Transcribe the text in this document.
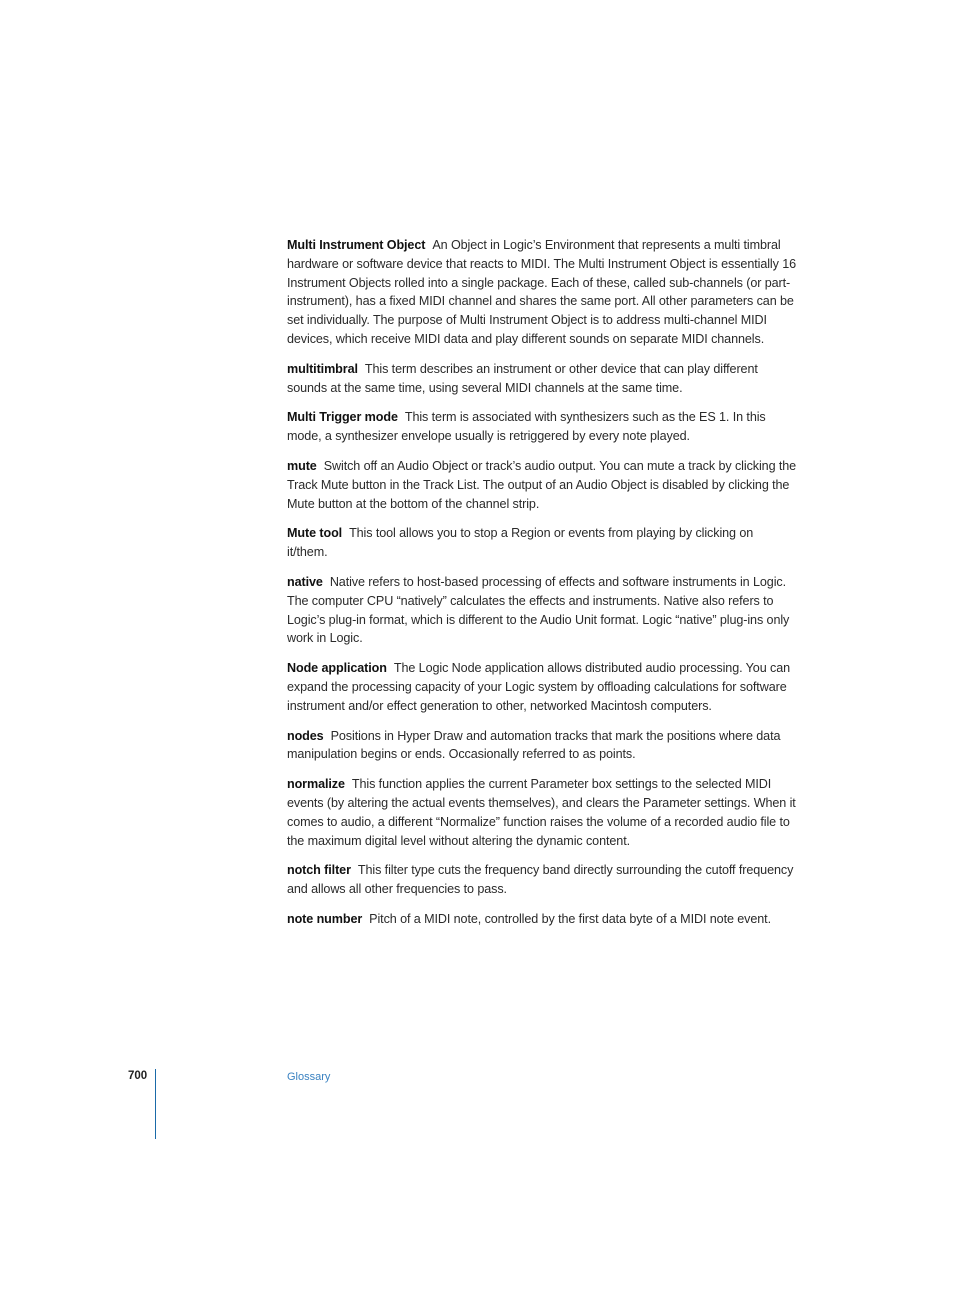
Multi Instrument Object An Object in Logic’s Environment that represents a multi timbral hardware or software device that reacts to MIDI. The Multi Instrument Object is essentially 16 Instrument Objects rolled into a single package. Each of these, called sub-channels (or part-instrument), has a fixed MIDI channel and shares the same port. All other parameters can be set individually. The purpose of Multi Instrument Object is to address multi-channel MIDI devices, which receive MIDI data and play different sounds on separate MIDI channels.

multitimbral This term describes an instrument or other device that can play different sounds at the same time, using several MIDI channels at the same time.

Multi Trigger mode This term is associated with synthesizers such as the ES 1. In this mode, a synthesizer envelope usually is retriggered by every note played.

mute Switch off an Audio Object or track’s audio output. You can mute a track by clicking the Track Mute button in the Track List. The output of an Audio Object is disabled by clicking the Mute button at the bottom of the channel strip.

Mute tool This tool allows you to stop a Region or events from playing by clicking on it/them.

native Native refers to host-based processing of effects and software instruments in Logic. The computer CPU “natively” calculates the effects and instruments. Native also refers to Logic’s plug-in format, which is different to the Audio Unit format. Logic “native” plug-ins only work in Logic.

Node application The Logic Node application allows distributed audio processing. You can expand the processing capacity of your Logic system by offloading calculations for software instrument and/or effect generation to other, networked Macintosh computers.

nodes Positions in Hyper Draw and automation tracks that mark the positions where data manipulation begins or ends. Occasionally referred to as points.

normalize This function applies the current Parameter box settings to the selected MIDI events (by altering the actual events themselves), and clears the Parameter settings. When it comes to audio, a different “Normalize” function raises the volume of a recorded audio file to the maximum digital level without altering the dynamic content.

notch filter This filter type cuts the frequency band directly surrounding the cutoff frequency and allows all other frequencies to pass.

note number Pitch of a MIDI note, controlled by the first data byte of a MIDI note event.

700	Glossary
